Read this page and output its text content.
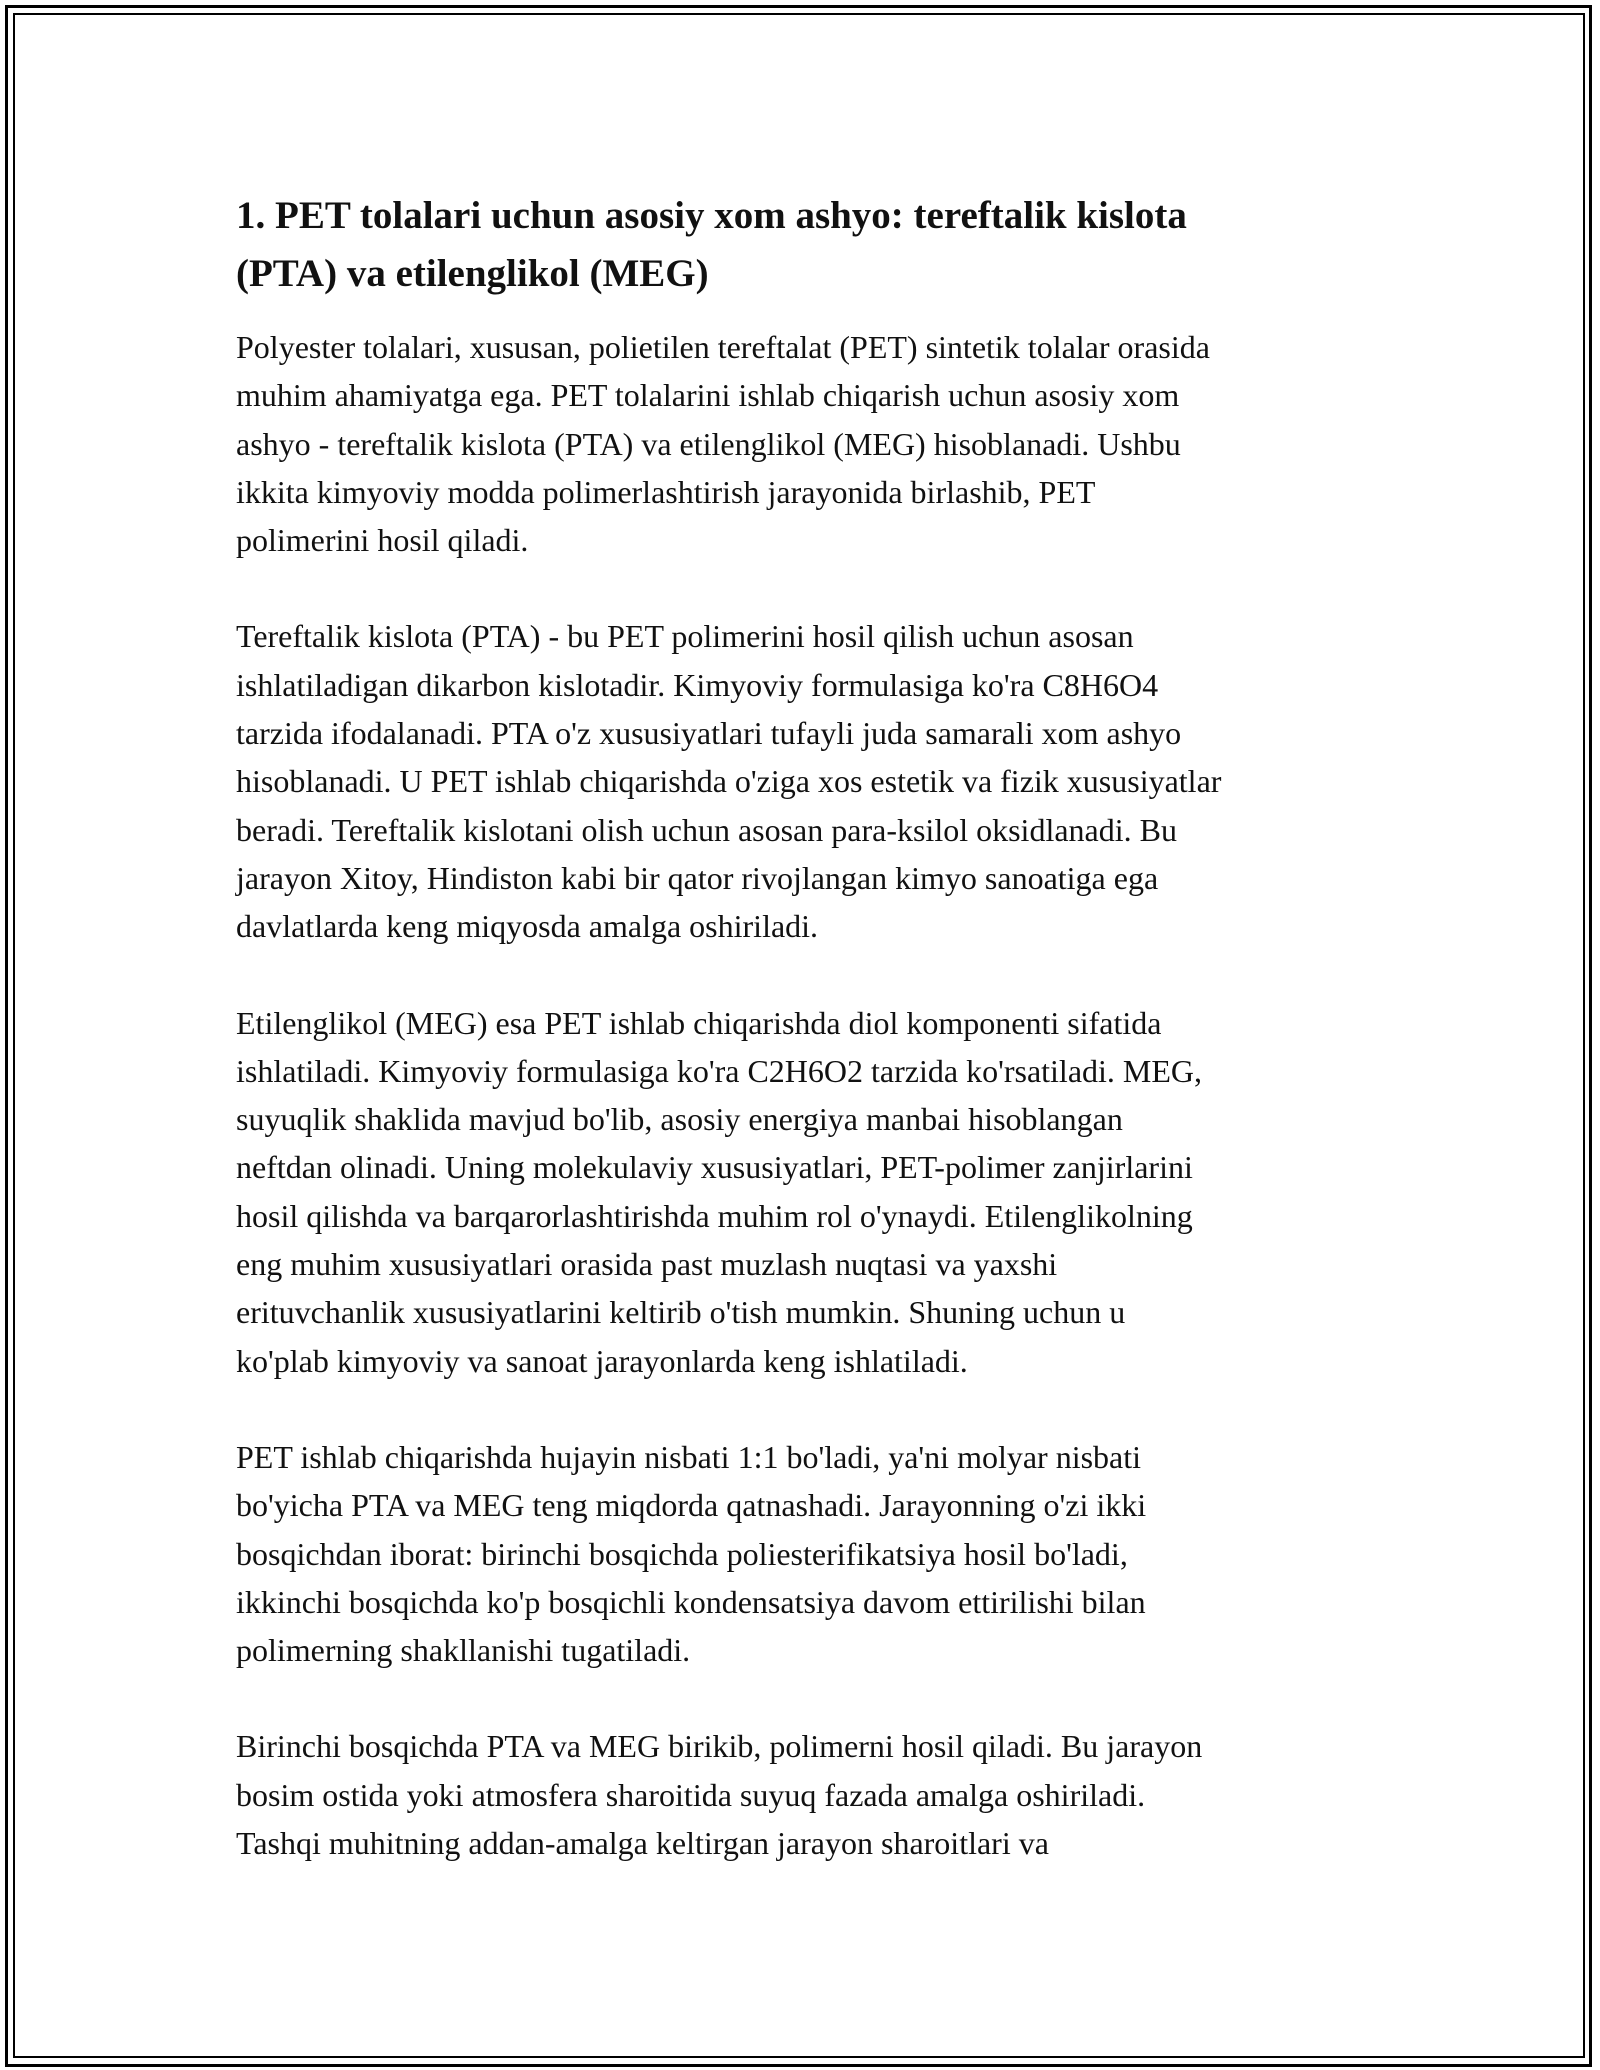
1. PET tolalari uchun asosiy xom ashyo: tereftalik kislota
(PTA) va etilenglikol (MEG)

Polyester tolalari, xususan, polietilen tereftalat (PET) sintetik tolalar orasida
muhim ahamiyatga ega. PET tolalarini ishlab chiqarish uchun asosiy xom
ashyo - tereftalik kislota (PTA) va etilenglikol (MEG) hisoblanadi. Ushbu
ikkita kimyoviy modda polimerlashtirish jarayonida birlashib, PET
polimerini hosil qiladi.

Tereftalik kislota (PTA) - bu PET polimerini hosil qilish uchun asosan
ishlatiladigan dikarbon kislotadir. Kimyoviy formulasiga ko'ra C8H6O4
tarzida ifodalanadi. PTA o'z xususiyatlari tufayli juda samarali xom ashyo
hisoblanadi. U PET ishlab chiqarishda o'ziga xos estetik va fizik xususiyatlar
beradi. Tereftalik kislotani olish uchun asosan para-ksilol oksidlanadi. Bu
jarayon Xitoy, Hindiston kabi bir qator rivojlangan kimyo sanoatiga ega
davlatlarda keng miqyosda amalga oshiriladi.

Etilenglikol (MEG) esa PET ishlab chiqarishda diol komponenti sifatida
ishlatiladi. Kimyoviy formulasiga ko'ra C2H6O2 tarzida ko'rsatiladi. MEG,
suyuqlik shaklida mavjud bo'lib, asosiy energiya manbai hisoblangan
neftdan olinadi. Uning molekulaviy xususiyatlari, PET-polimer zanjirlarini
hosil qilishda va barqarorlashtirishda muhim rol o'ynaydi. Etilenglikolning
eng muhim xususiyatlari orasida past muzlash nuqtasi va yaxshi
erituvchanlik xususiyatlarini keltirib o'tish mumkin. Shuning uchun u
ko'plab kimyoviy va sanoat jarayonlarda keng ishlatiladi.

PET ishlab chiqarishda hujayin nisbati 1:1 bo'ladi, ya'ni molyar nisbati
bo'yicha PTA va MEG teng miqdorda qatnashadi. Jarayonning o'zi ikki
bosqichdan iborat: birinchi bosqichda poliesterifikatsiya hosil bo'ladi,
ikkinchi bosqichda ko'p bosqichli kondensatsiya davom ettirilishi bilan
polimerning shakllanishi tugatiladi.

Birinchi bosqichda PTA va MEG birikib, polimerni hosil qiladi. Bu jarayon
bosim ostida yoki atmosfera sharoitida suyuq fazada amalga oshiriladi.
Tashqi muhitning addan-amalga keltirgan jarayon sharoitlari va
